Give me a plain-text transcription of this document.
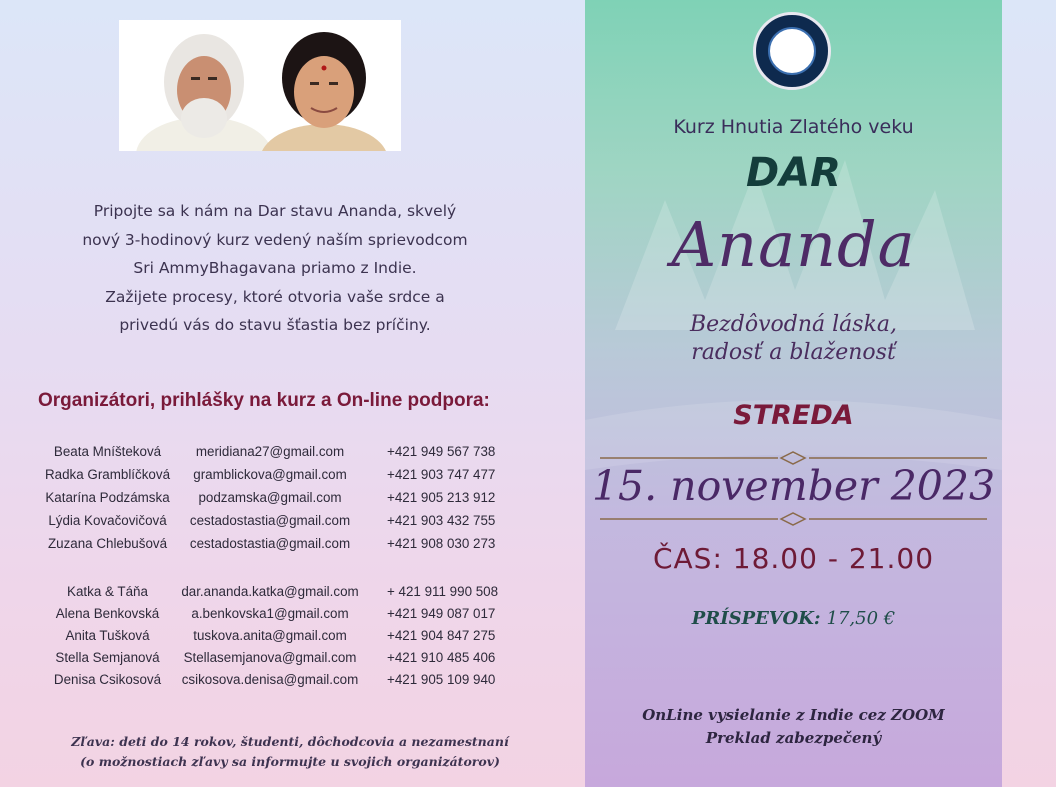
Pripojte sa k nám na Dar stavu Ananda, skvelý
nový 3-hodinový kurz vedený naším sprievodcom
Sri AmmyBhagavana priamo z Indie.
Zažijete procesy, ktoré otvoria vaše srdce a
privedú vás do stavu šťastia bez príčiny.
Organizátori, prihlášky na kurz a On-line podpora:
Beata Mníšteková	meridiana27@gmail.com	+421 949 567 738
Radka Gramblíčková	gramblickova@gmail.com	+421 903 747 477
Katarína Podzámska	podzamska@gmail.com	+421 905 213 912
Lýdia Kovačovičová	cestadostastia@gmail.com	+421 903 432 755
Zuzana Chlebušová	cestadostastia@gmail.com	+421 908 030 273
Katka & Táňa	dar.ananda.katka@gmail.com	+ 421 911 990 508
Alena Benkovská	a.benkovska1@gmail.com	+421 949 087 017
Anita Tušková	tuskova.anita@gmail.com	+421 904 847 275
Stella Semjanová	Stellasemjanova@gmail.com	+421 910 485 406
Denisa Csikosová	csikosova.denisa@gmail.com	+421 905 109 940
Zľava: deti do 14 rokov, študenti, dôchodcovia a nezamestnaní
(o možnostiach zľavy sa informujte u svojich organizátorov)
Kurz Hnutia Zlatého veku
DAR
Ananda
Bezdôvodná láska,
radosť a blaženosť
STREDA
15. november 2023
ČAS: 18.00 - 21.00
PRÍSPEVOK: 17,50 €
OnLine vysielanie z Indie cez ZOOM
Preklad zabezpečený
